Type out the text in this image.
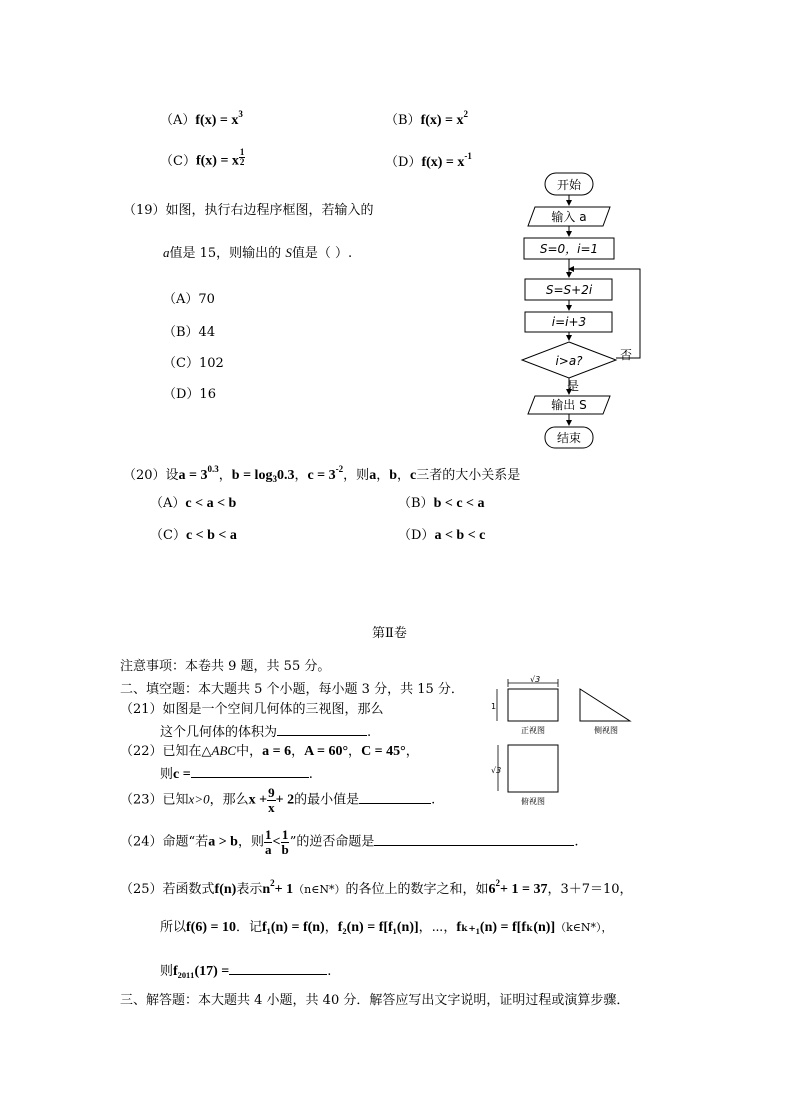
$(A)f(x) = x^3$	$(B)f(x) = x^2$
（C）f(x) = x $\frac{1}{2}$	$(D)f(x) = x^{-1}$
（19）如图，执行右边程序框图，若输入的
a值是 15，则输出的 S值是（ ）.
（A）70
（B）44
（C）102
（D）16
开始
输入 a
S=0，i=1
S=S+2i
i=i+3
i>a?	否
是
输出 S
结束
（20）设$a = 3^{0.3}$，$b = \log_30.3$，$c = 3^{-2}$，则a，b，c三者的大小关系是
（A）c < a < b	（B）b < c < a
（C）c < b < a	（D）a < b < c
第Ⅱ卷
注意事项：本卷共 9 题，共 55 分。
二、填空题：本大题共 5 个小题，每小题 3 分，共 15 分．
（21）如图是一个空间几何体的三视图，那么
这个几何体的体积为	.
√3
1
正视图	侧视图
√3
俯视图
（22）已知在△ABC中，a = 6，A = 60°，C = 45°，
则c =	.
（23）已知x>0，那么$x + \frac{9}{x} + 2$的最小值是	.
（24）命题“若a > b，则 $\frac{1}{a} < \frac{1}{b}$ ”的逆否命题是	.
（25）若函数式f(n)表示$n^2+$ 1（n∈N*）的各位上的数字之和，如$6^2+ 1 = 37$，3＋7＝10，
所以f(6) = 10．记f₁(n) = f(n)，f₂(n) = f[f₁(n)]，⋯，fₖ₊₁(n) = f[fₖ(n)]（k∈N*），
则f₂₀₁₁(17) =	.
三、解答题：本大题共 4 小题，共 40 分．解答应写出文字说明，证明过程或演算步骤．
